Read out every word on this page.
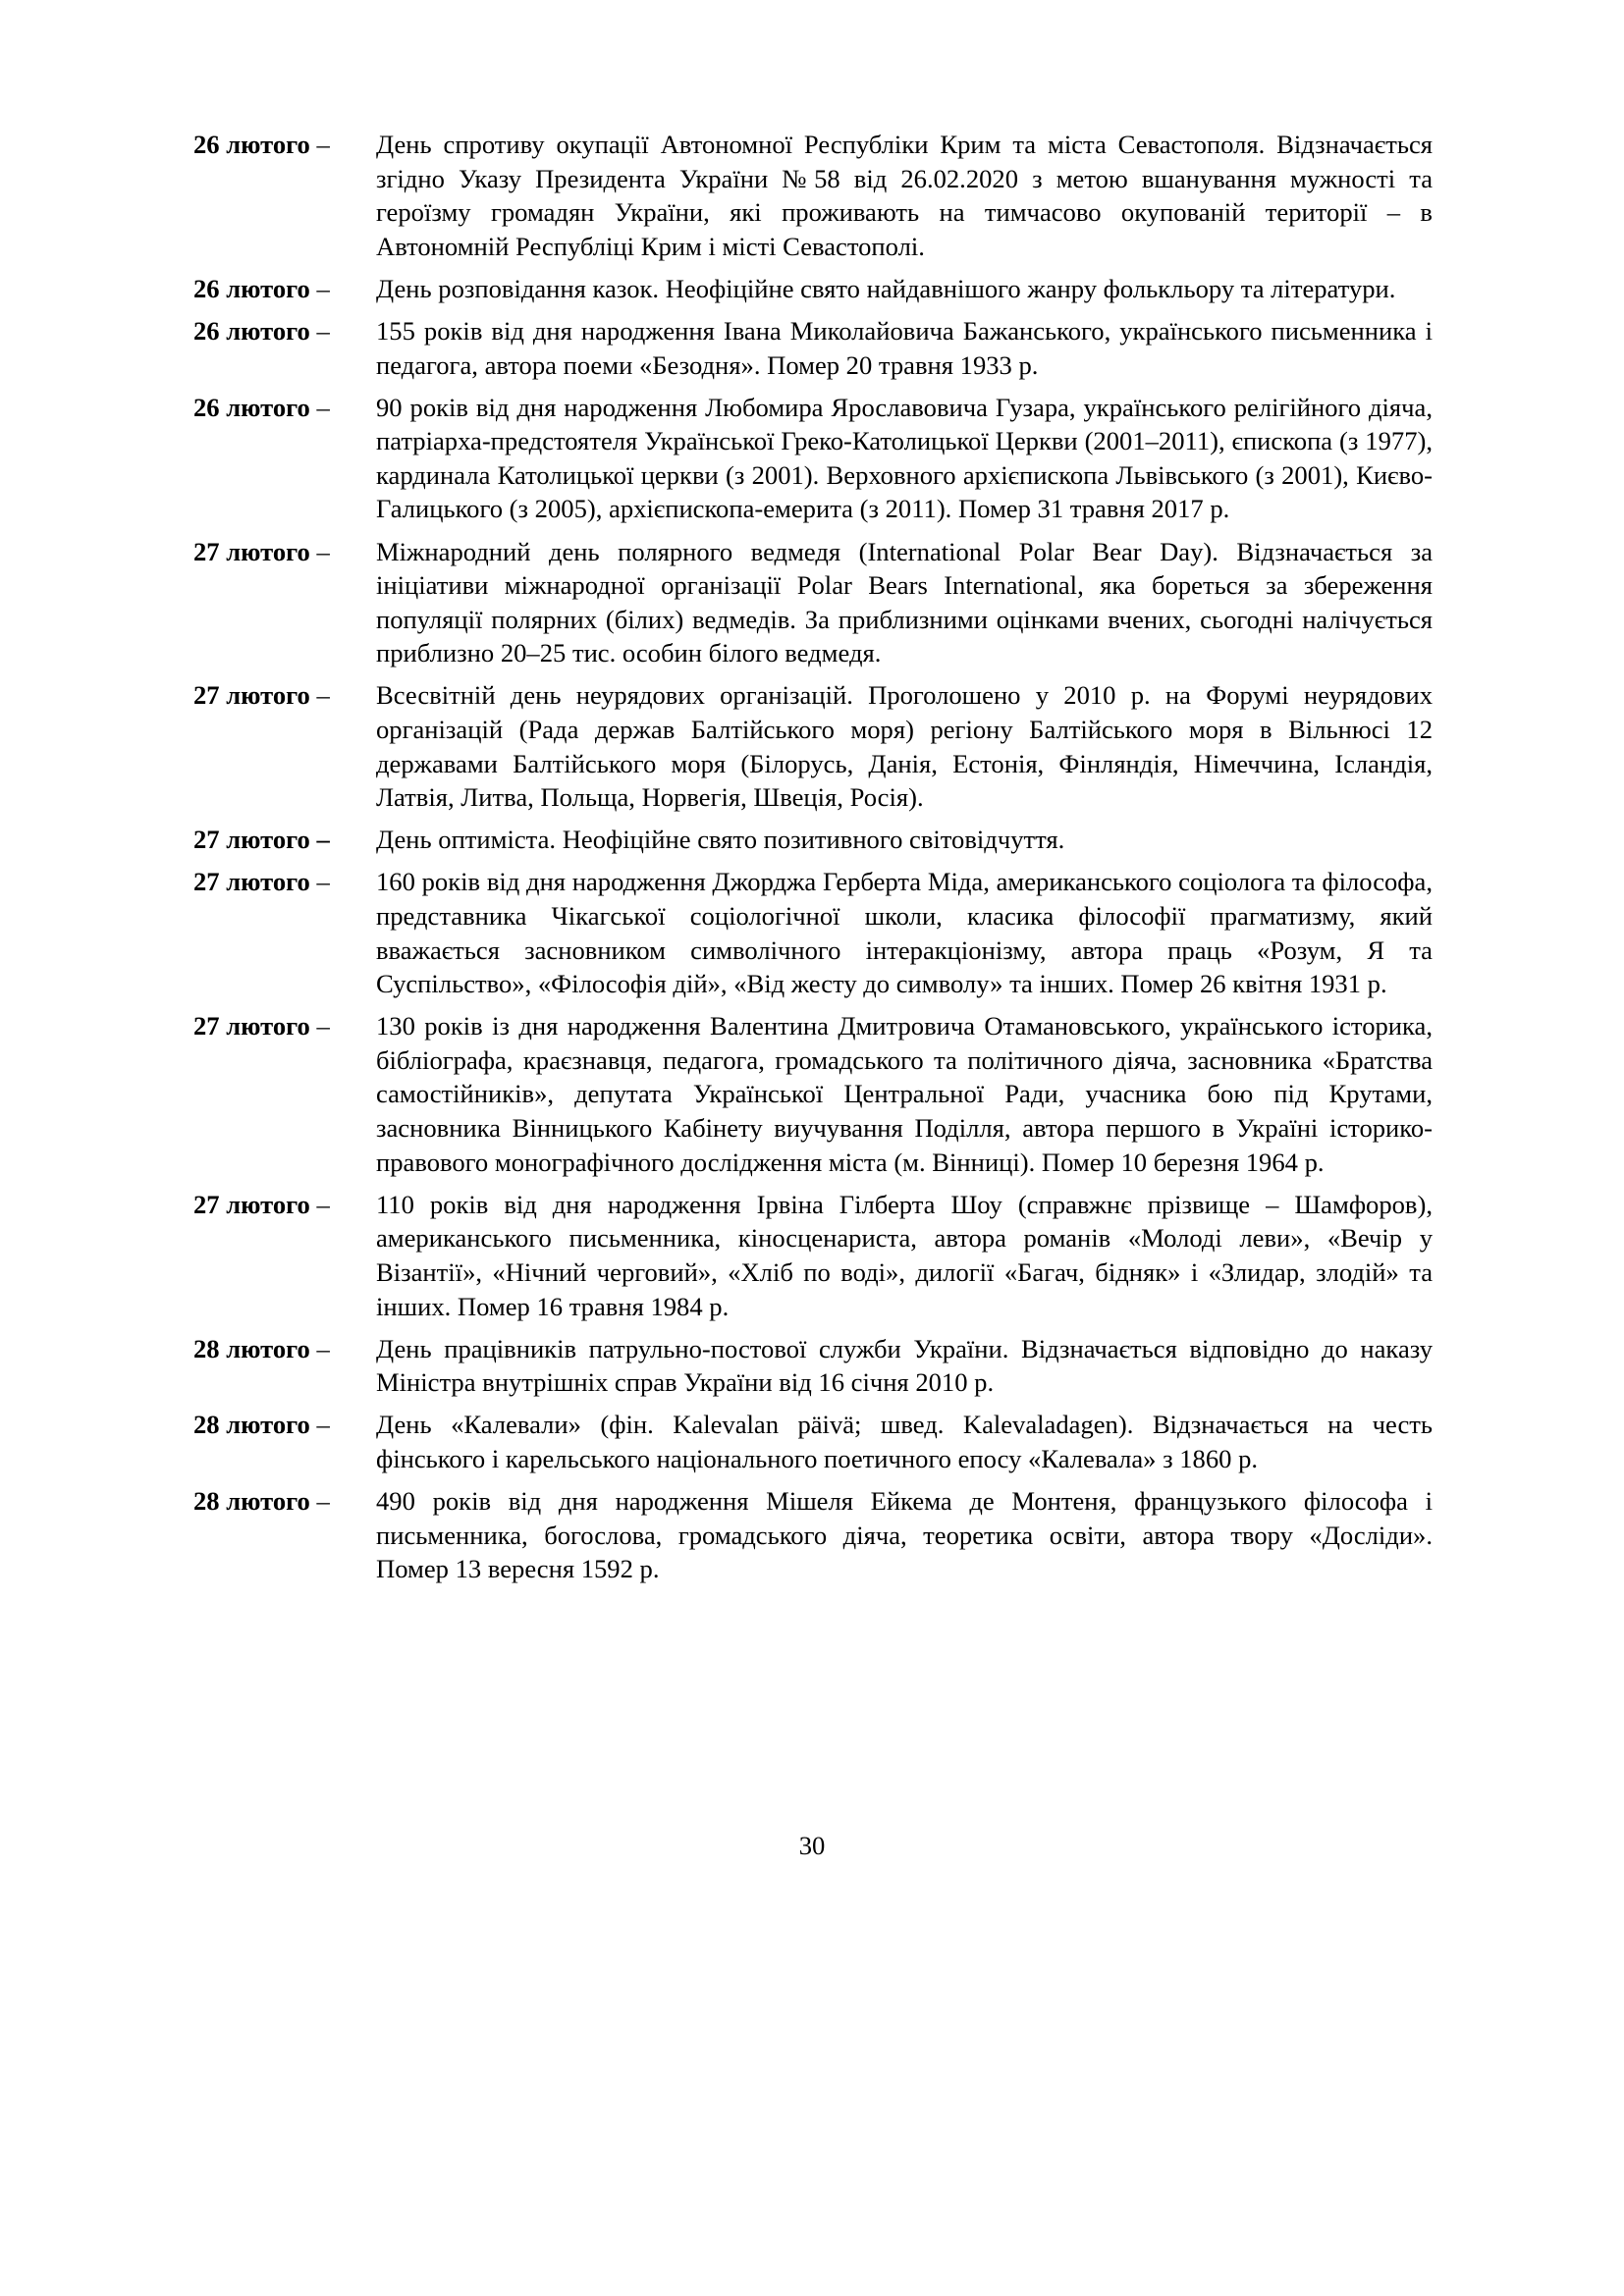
26 лютого – День спротиву окупації Автономної Республіки Крим та міста Севастополя. Відзначається згідно Указу Президента України №58 від 26.02.2020 з метою вшанування мужності та героїзму громадян України, які проживають на тимчасово окупованій території – в Автономній Республіці Крим і місті Севастополі.
26 лютого – День розповідання казок. Неофіційне свято найдавнішого жанру фолькльору та літератури.
26 лютого – 155 років від дня народження Івана Миколайовича Бажанського, українського письменника і педагога, автора поеми «Безодня». Помер 20 травня 1933 р.
26 лютого – 90 років від дня народження Любомира Ярославовича Гузара, українського релігійного діяча, патріарха-предстоятеля Української Греко-Католицької Церкви (2001–2011), єпископа (з 1977), кардинала Католицької церкви (з 2001). Верховного архієпископа Львівського (з 2001), Києво-Галицького (з 2005), архієпископа-емерита (з 2011). Помер 31 травня 2017 р.
27 лютого – Міжнародний день полярного ведмедя (International Polar Bear Day). Відзначається за ініціативи міжнародної організації Polar Bears International, яка бореться за збереження популяції полярних (білих) ведмедів. За приблизними оцінками вчених, сьогодні налічується приблизно 20–25 тис. особин білого ведмедя.
27 лютого – Всесвітній день неурядових організацій. Проголошено у 2010 р. на Форумі неурядових організацій (Рада держав Балтійського моря) регіону Балтійського моря в Вільнюсі 12 державами Балтійського моря (Білорусь, Данія, Естонія, Фінляндія, Німеччина, Ісландія, Латвія, Литва, Польща, Норвегія, Швеція, Росія).
27 лютого – День оптиміста. Неофіційне свято позитивного світовідчуття.
27 лютого – 160 років від дня народження Джорджа Герберта Міда, американського соціолога та філософа, представника Чікагської соціологічної школи, класика філософії прагматизму, який вважається засновником символічного інтеракціонізму, автора праць «Розум, Я та Суспільство», «Філософія дій», «Від жесту до символу» та інших. Помер 26 квітня 1931 р.
27 лютого – 130 років із дня народження Валентина Дмитровича Отамановського, українського історика, бібліографа, краєзнавця, педагога, громадського та політичного діяча, засновника «Братства самостійників», депутата Української Центральної Ради, учасника бою під Крутами, засновника Вінницького Кабінету виучування Поділля, автора першого в Україні історико-правового монографічного дослідження міста (м. Вінниці). Помер 10 березня 1964 р.
27 лютого – 110 років від дня народження Ірвіна Гілберта Шоу (справжнє прізвище – Шамфоров), американського письменника, кіносценариста, автора романів «Молоді леви», «Вечір у Візантії», «Нічний черговий», «Хліб по воді», дилогії «Багач, бідняк» і «Злидар, злодій» та інших. Помер 16 травня 1984 р.
28 лютого – День працівників патрульно-постової служби України. Відзначається відповідно до наказу Міністра внутрішніх справ України від 16 січня 2010 р.
28 лютого – День «Калевали» (фін. Kalevalan päivä; швед. Kalevaladagen). Відзначається на честь фінського і карельського національного поетичного епосу «Калевала» з 1860 р.
28 лютого – 490 років від дня народження Мішеля Ейкема де Монтеня, французького філософа і письменника, богослова, громадського діяча, теоретика освіти, автора твору «Досліди». Помер 13 вересня 1592 р.
30
